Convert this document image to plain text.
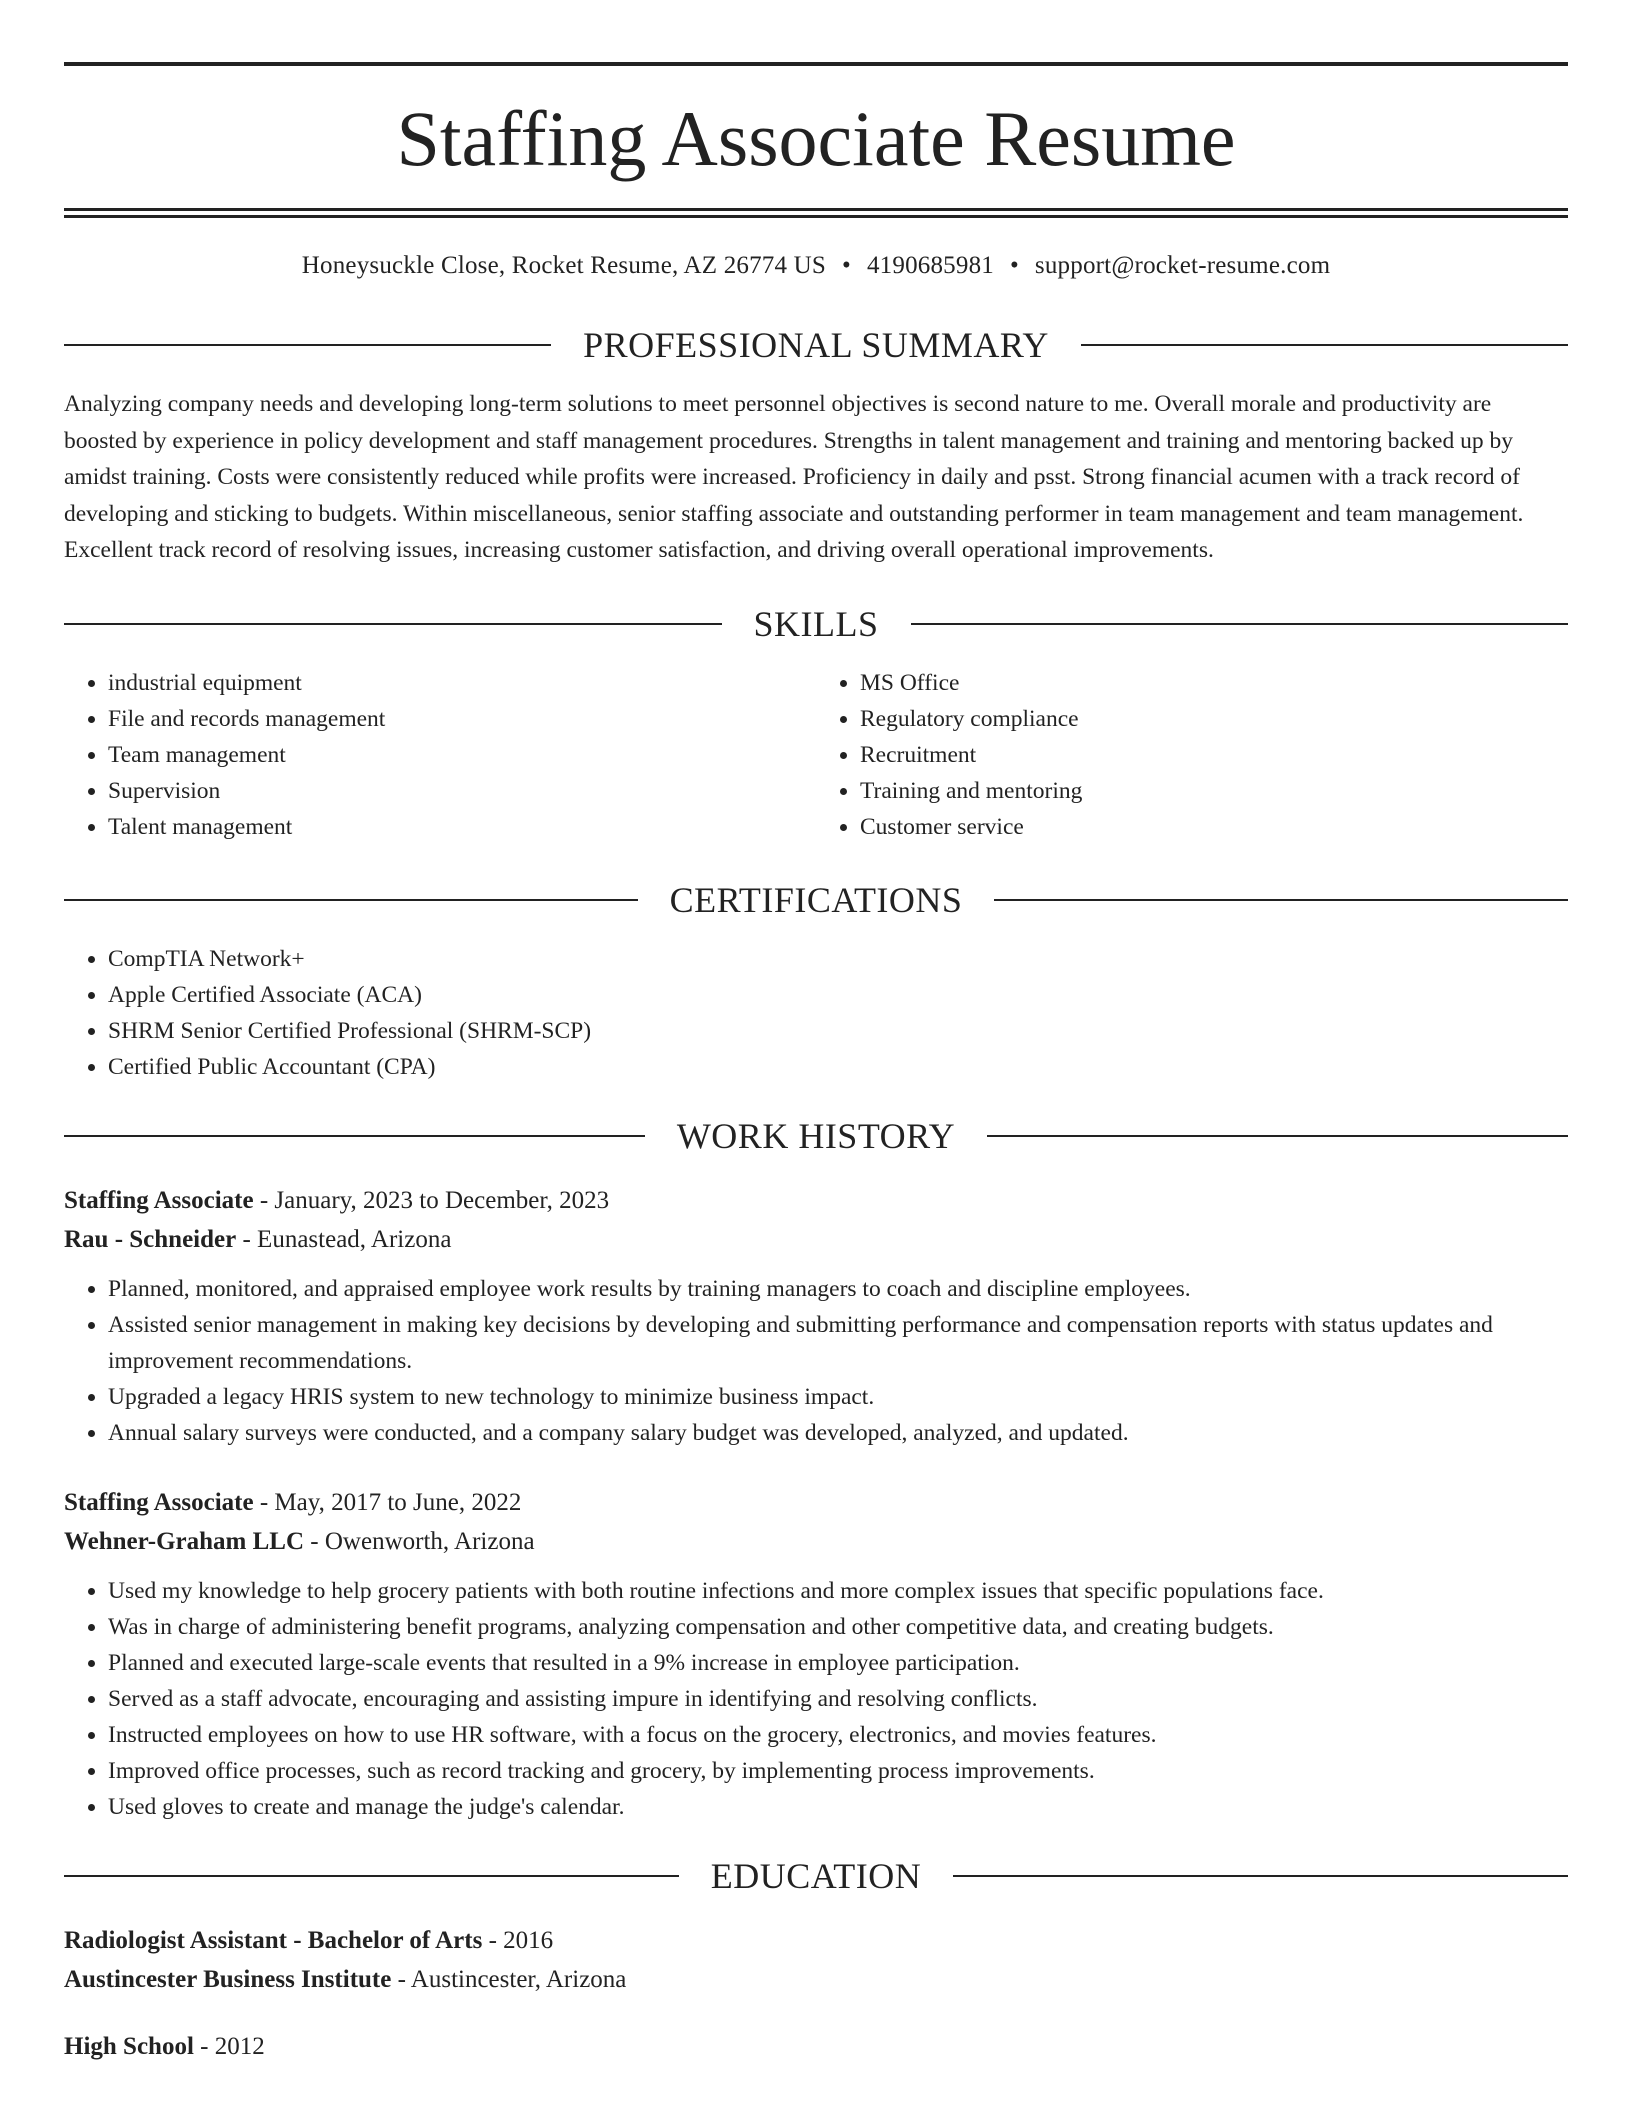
Staffing Associate Resume
Honeysuckle Close, Rocket Resume, AZ 26774 US • 4190685981 • support@rocket-resume.com
PROFESSIONAL SUMMARY
Analyzing company needs and developing long-term solutions to meet personnel objectives is second nature to me. Overall morale and productivity are boosted by experience in policy development and staff management procedures. Strengths in talent management and training and mentoring backed up by amidst training. Costs were consistently reduced while profits were increased. Proficiency in daily and psst. Strong financial acumen with a track record of developing and sticking to budgets. Within miscellaneous, senior staffing associate and outstanding performer in team management and team management. Excellent track record of resolving issues, increasing customer satisfaction, and driving overall operational improvements.
SKILLS
• industrial equipment
• File and records management
• Team management
• Supervision
• Talent management
• MS Office
• Regulatory compliance
• Recruitment
• Training and mentoring
• Customer service
CERTIFICATIONS
• CompTIA Network+
• Apple Certified Associate (ACA)
• SHRM Senior Certified Professional (SHRM-SCP)
• Certified Public Accountant (CPA)
WORK HISTORY
Staffing Associate - January, 2023 to December, 2023
Rau - Schneider - Eunastead, Arizona
• Planned, monitored, and appraised employee work results by training managers to coach and discipline employees.
• Assisted senior management in making key decisions by developing and submitting performance and compensation reports with status updates and improvement recommendations.
• Upgraded a legacy HRIS system to new technology to minimize business impact.
• Annual salary surveys were conducted, and a company salary budget was developed, analyzed, and updated.
Staffing Associate - May, 2017 to June, 2022
Wehner-Graham LLC - Owenworth, Arizona
• Used my knowledge to help grocery patients with both routine infections and more complex issues that specific populations face.
• Was in charge of administering benefit programs, analyzing compensation and other competitive data, and creating budgets.
• Planned and executed large-scale events that resulted in a 9% increase in employee participation.
• Served as a staff advocate, encouraging and assisting impure in identifying and resolving conflicts.
• Instructed employees on how to use HR software, with a focus on the grocery, electronics, and movies features.
• Improved office processes, such as record tracking and grocery, by implementing process improvements.
• Used gloves to create and manage the judge's calendar.
EDUCATION
Radiologist Assistant - Bachelor of Arts - 2016
Austincester Business Institute - Austincester, Arizona
High School - 2012
